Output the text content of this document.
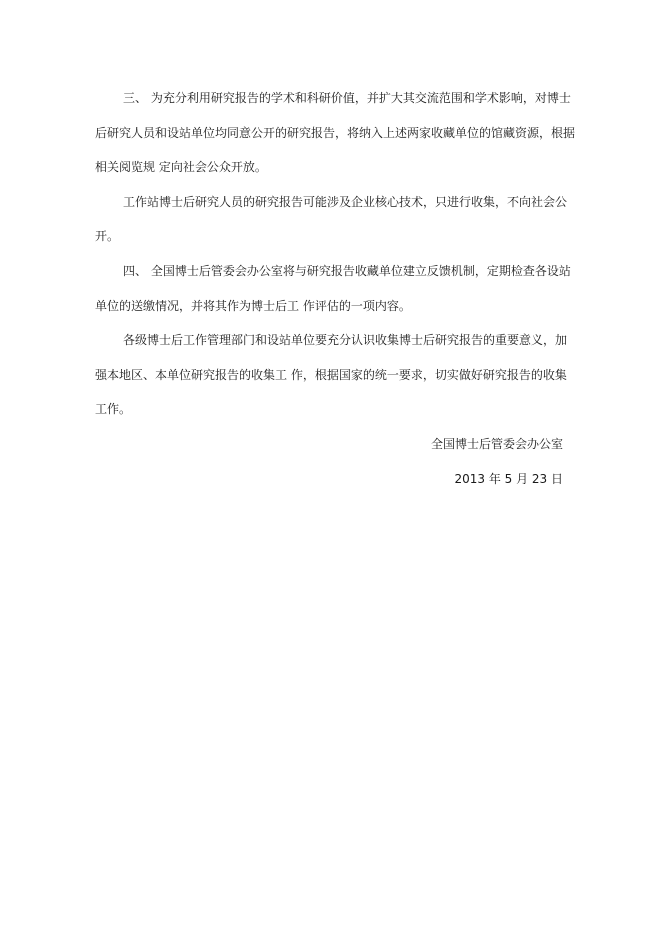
三、 为充分利用研究报告的学术和科研价值，并扩大其交流范围和学术影响，对博士
后研究人员和设站单位均同意公开的研究报告，将纳入上述两家收藏单位的馆藏资源，根据
相关阅览规 定向社会公众开放。
工作站博士后研究人员的研究报告可能涉及企业核心技术，只进行收集，不向社会公
开。
四、 全国博士后管委会办公室将与研究报告收藏单位建立反馈机制，定期检查各设站
单位的送缴情况，并将其作为博士后工 作评估的一项内容。
各级博士后工作管理部门和设站单位要充分认识收集博士后研究报告的重要意义，加
强本地区、本单位研究报告的收集工 作，根据国家的统一要求，切实做好研究报告的收集
工作。
全国博士后管委会办公室
2013 年 5 月 23 日
